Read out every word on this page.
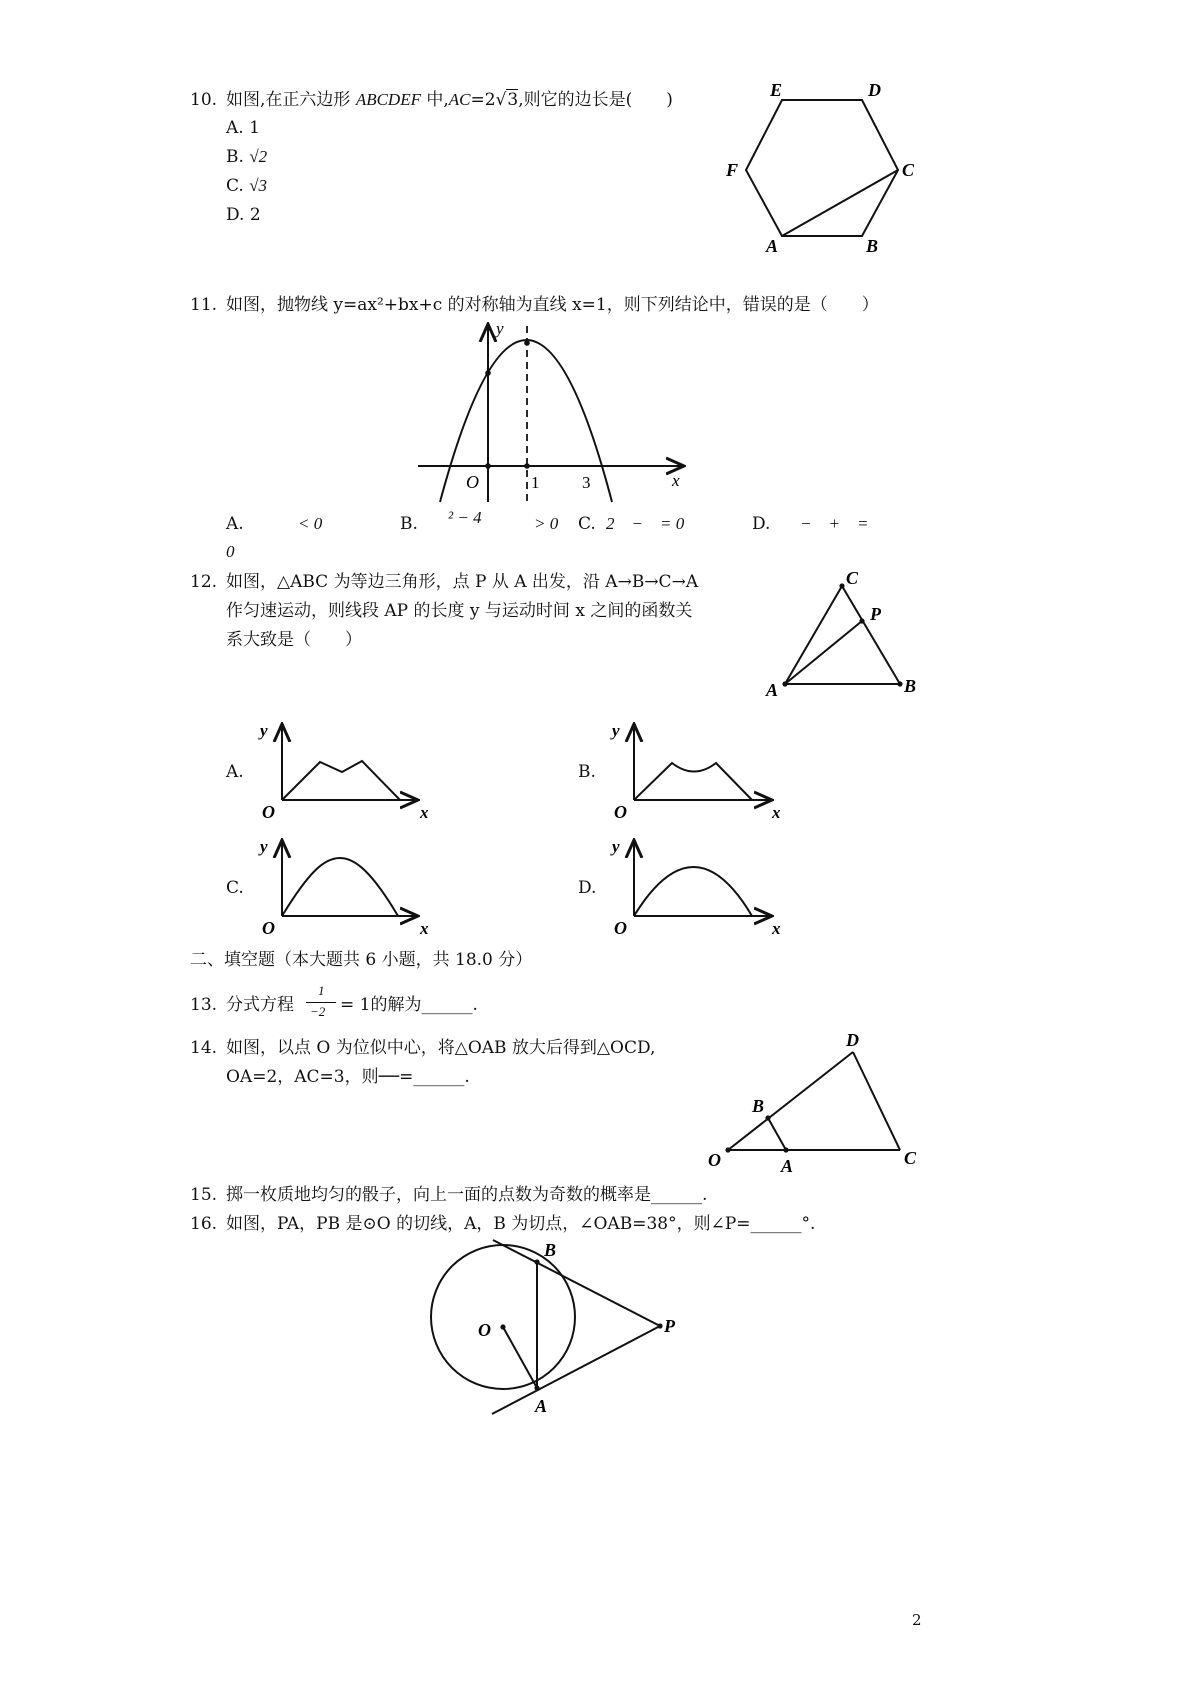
10. 如图,在正六边形 ABCDEF 中,AC=2√3,则它的边长是(　　)
A. 1
B. √2
C. √3
D. 2
E	D
F	C
A	B
11. 如图，抛物线 y=ax²+bx+c 的对称轴为直线 x=1，则下列结论中，错误的是（　　）
y
O	1	3	x
A.	< 0	B. ² − 4	> 0 C. 2　−　= 0	D. −　+　=
0
12. 如图，△ABC 为等边三角形，点 P 从 A 出发，沿 A→B→C→A
作匀速运动，则线段 AP 的长度 y 与运动时间 x 之间的函数关
系大致是（　　）
C
P
A	B
A.	B.
C.	D.
y
O	x
y
O	x
y
O	x
y
O	x
二、填空题（本大题共 6 小题，共 18.0 分）
13. 分式方程
1
−2 = 1的解为______.
14. 如图，以点 O 为位似中心，将△OAB 放大后得到△OCD,
OA=2，AC=3，则──=______.
D
B
O	A	C
15. 掷一枚质地均匀的骰子，向上一面的点数为奇数的概率是______.
16. 如图，PA，PB 是⊙O 的切线，A，B 为切点，∠OAB=38°，则∠P=______°.
B
O	P
A
2
